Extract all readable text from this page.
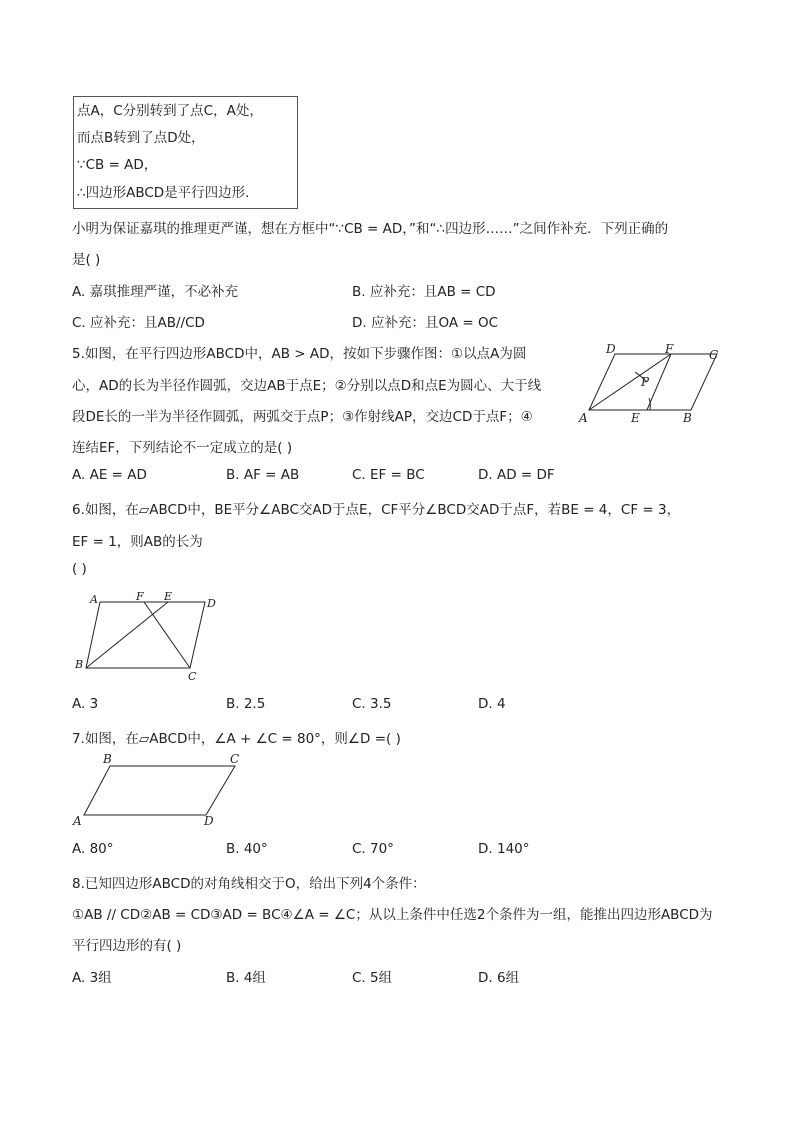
点A，C分别转到了点C，A处，
而点B转到了点D处，
∵CB = AD，
∴四边形ABCD是平行四边形.
小明为保证嘉琪的推理更严谨，想在方框中“∵CB = AD，”和“∴四边形……”之间作补充．下列正确的
是( )
A. 嘉琪推理严谨，不必补充	B. 应补充：且AB = CD
C. 应补充：且AB//CD	D. 应补充：且OA = OC
5.如图，在平行四边形ABCD中，AB > AD，按如下步骤作图：①以点A为圆
心，AD的长为半径作圆弧，交边AB于点E；②分别以点D和点E为圆心、大于线
段DE长的一半为半径作圆弧，两弧交于点P；③作射线AP，交边CD于点F；④
连结EF，下列结论不一定成立的是( )
A. AE = AD	B. AF = AB	C. EF = BC	D. AD = DF
D	F	C
P
A	E	B
6.如图，在▱ABCD中，BE平分∠ABC交AD于点E，CF平分∠BCD交AD于点F，若BE = 4，CF = 3，
EF = 1，则AB的长为
( )
A	F E
D
B
C
A. 3	B. 2.5	C. 3.5	D. 4
7.如图，在▱ABCD中，∠A + ∠C = 80°，则∠D =( )
B	C
A	D
A. 80°	B. 40°	C. 70°	D. 140°
8.已知四边形ABCD的对角线相交于O，给出下列4个条件：
①AB // CD②AB = CD③AD = BC④∠A = ∠C；从以上条件中任选2个条件为一组，能推出四边形ABCD为
平行四边形的有( )
A. 3组	B. 4组	C. 5组	D. 6组
